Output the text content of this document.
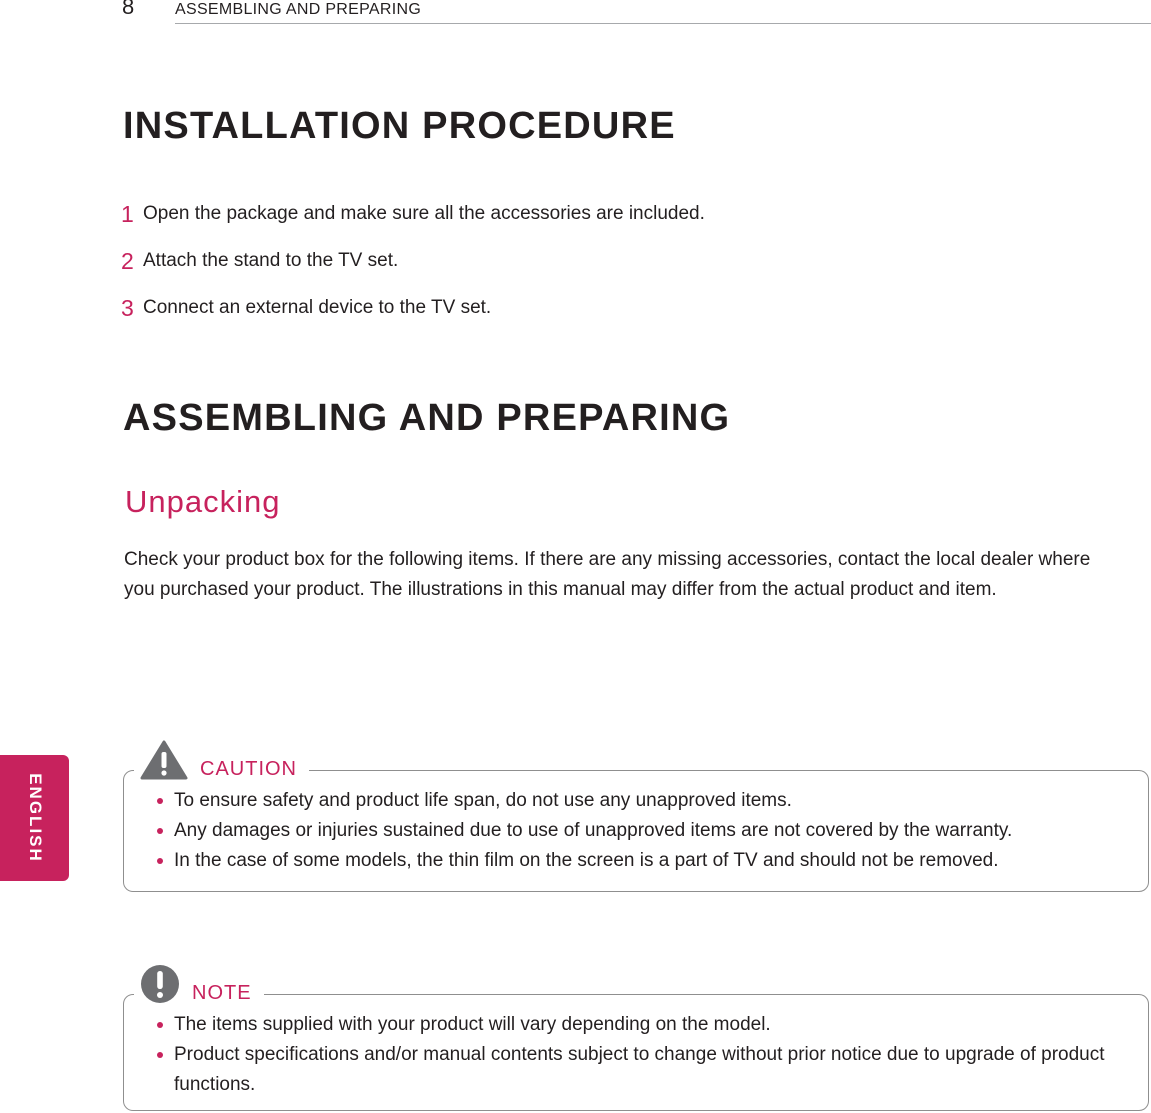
8	ASSEMBLING AND PREPARING
ENGLISH
INSTALLATION PROCEDURE
1 Open the package and make sure all the accessories are included.
2 Attach the stand to the TV set.
3 Connect an external device to the TV set.
ASSEMBLING AND PREPARING
Unpacking

Check your product box for the following items. If there are any missing accessories, contact the local dealer where you purchased your product. The illustrations in this manual may differ from the actual product and item.

CAUTION
To ensure safety and product life span, do not use any unapproved items.
Any damages or injuries sustained due to use of unapproved items are not covered by the warranty.
In the case of some models, the thin film on the screen is a part of TV and should not be removed.
NOTE
The items supplied with your product will vary depending on the model.
Product specifications and/or manual contents subject to change without prior notice due to upgrade of product functions.
